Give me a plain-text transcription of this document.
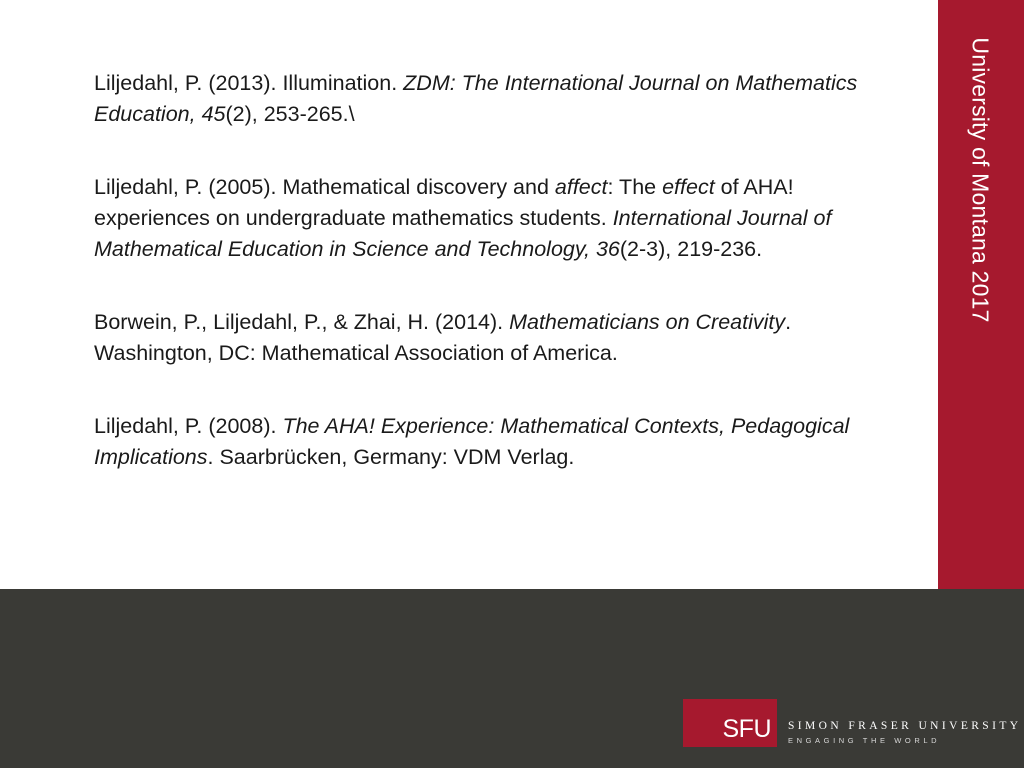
Liljedahl, P. (2013). Illumination. ZDM: The International Journal on Mathematics Education, 45(2), 253-265.\

Liljedahl, P. (2005). Mathematical discovery and affect: The effect of AHA! experiences on undergraduate mathematics students. International Journal of Mathematical Education in Science and Technology, 36(2-3), 219-236.

Borwein, P., Liljedahl, P., & Zhai, H. (2014). Mathematicians on Creativity. Washington, DC: Mathematical Association of America.

Liljedahl, P. (2008). The AHA! Experience: Mathematical Contexts, Pedagogical Implications. Saarbrücken, Germany: VDM Verlag.

University of Montana 2017
SFU SIMON FRASER UNIVERSITY
ENGAGING THE WORLD
